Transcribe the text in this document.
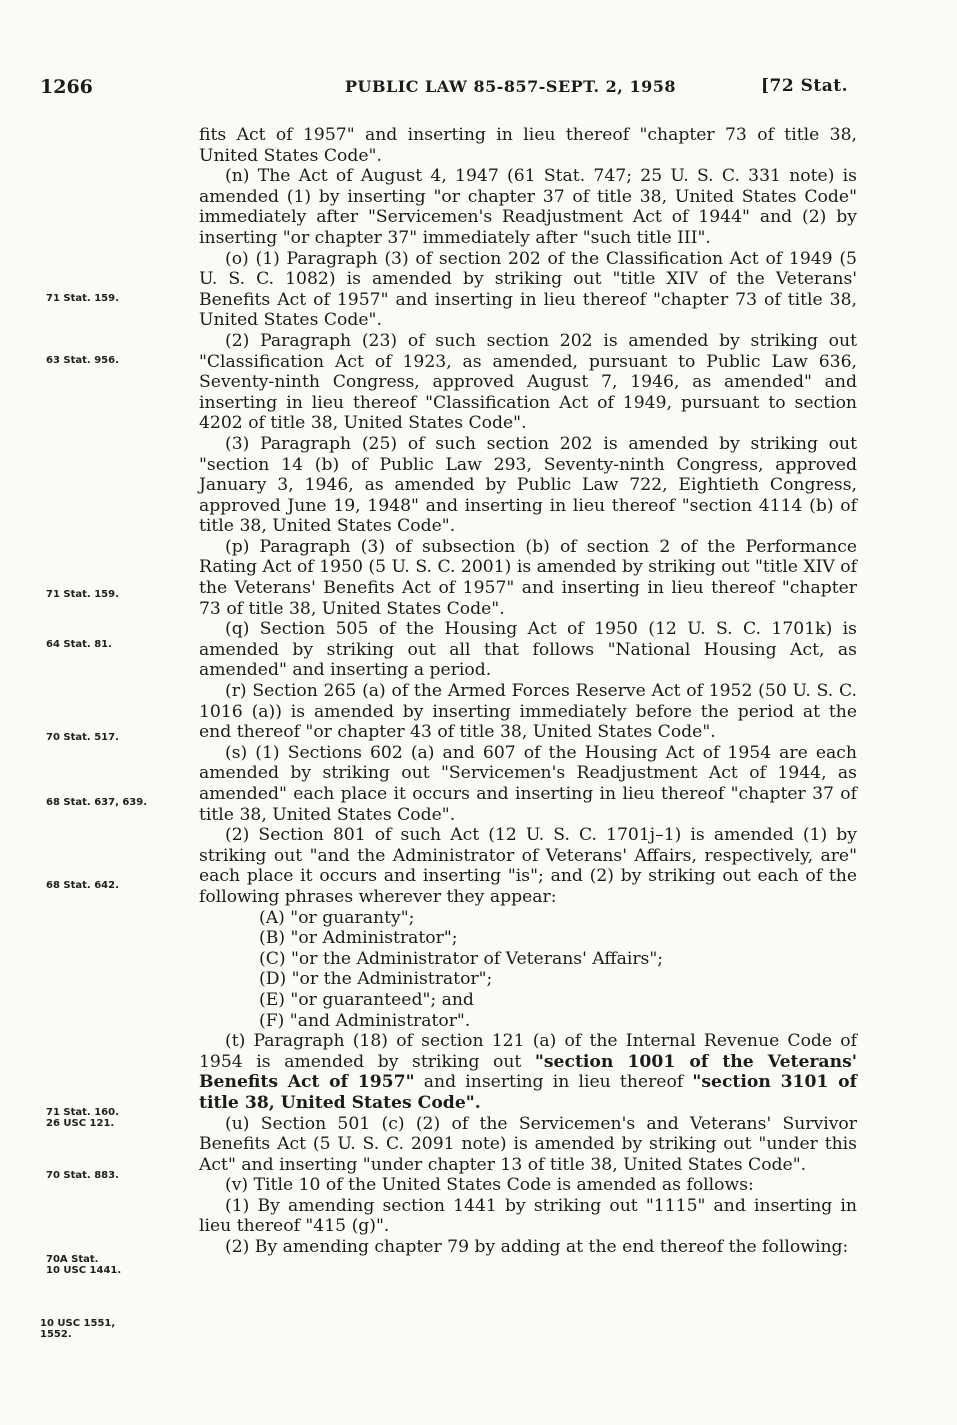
1266	PUBLIC LAW 85-857-SEPT. 2, 1958	[72 Stat.

fits Act of 1957" and inserting in lieu thereof "chapter 73 of title 38, United States Code".

(n) The Act of August 4, 1947 (61 Stat. 747; 25 U. S. C. 331 note) is amended (1) by inserting "or chapter 37 of title 38, United States Code" immediately after "Servicemen's Readjustment Act of 1944" and (2) by inserting "or chapter 37" immediately after "such title III".

(o) (1) Paragraph (3) of section 202 of the Classification Act of 1949 (5 U. S. C. 1082) is amended by striking out "title XIV of the Veterans' Benefits Act of 1957" and inserting in lieu thereof "chapter 73 of title 38, United States Code".

(2) Paragraph (23) of such section 202 is amended by striking out "Classification Act of 1923, as amended, pursuant to Public Law 636, Seventy-ninth Congress, approved August 7, 1946, as amended" and inserting in lieu thereof "Classification Act of 1949, pursuant to section 4202 of title 38, United States Code".

(3) Paragraph (25) of such section 202 is amended by striking out "section 14 (b) of Public Law 293, Seventy-ninth Congress, approved January 3, 1946, as amended by Public Law 722, Eightieth Congress, approved June 19, 1948" and inserting in lieu thereof "section 4114 (b) of title 38, United States Code".

(p) Paragraph (3) of subsection (b) of section 2 of the Performance Rating Act of 1950 (5 U. S. C. 2001) is amended by striking out "title XIV of the Veterans' Benefits Act of 1957" and inserting in lieu thereof "chapter 73 of title 38, United States Code".

(q) Section 505 of the Housing Act of 1950 (12 U. S. C. 1701k) is amended by striking out all that follows "National Housing Act, as amended" and inserting a period.

(r) Section 265 (a) of the Armed Forces Reserve Act of 1952 (50 U. S. C. 1016 (a)) is amended by inserting immediately before the period at the end thereof "or chapter 43 of title 38, United States Code".

(s) (1) Sections 602 (a) and 607 of the Housing Act of 1954 are each amended by striking out "Servicemen's Readjustment Act of 1944, as amended" each place it occurs and inserting in lieu thereof "chapter 37 of title 38, United States Code".

(2) Section 801 of such Act (12 U. S. C. 1701j–1) is amended (1) by striking out "and the Administrator of Veterans' Affairs, respectively, are" each place it occurs and inserting "is"; and (2) by striking out each of the following phrases wherever they appear:

(A) "or guaranty";

(B) "or Administrator";

(C) "or the Administrator of Veterans' Affairs";

(D) "or the Administrator";

(E) "or guaranteed"; and

(F) "and Administrator".

(t) Paragraph (18) of section 121 (a) of the Internal Revenue Code of 1954 is amended by striking out "section 1001 of the Veterans' Benefits Act of 1957" and inserting in lieu thereof "section 3101 of title 38, United States Code".

(u) Section 501 (c) (2) of the Servicemen's and Veterans' Survivor Benefits Act (5 U. S. C. 2091 note) is amended by striking out "under this Act" and inserting "under chapter 13 of title 38, United States Code".

(v) Title 10 of the United States Code is amended as follows:

(1) By amending section 1441 by striking out "1115" and inserting in lieu thereof "415 (g)".

(2) By amending chapter 79 by adding at the end thereof the following:

71 Stat. 159.
63 Stat. 956.
71 Stat. 159.
64 Stat. 81.
70 Stat. 517.
68 Stat. 637, 639.
68 Stat. 642.
71 Stat. 160.
26 USC 121.
70 Stat. 883.
70A Stat.
10 USC 1441.
10 USC 1551,
1552.
